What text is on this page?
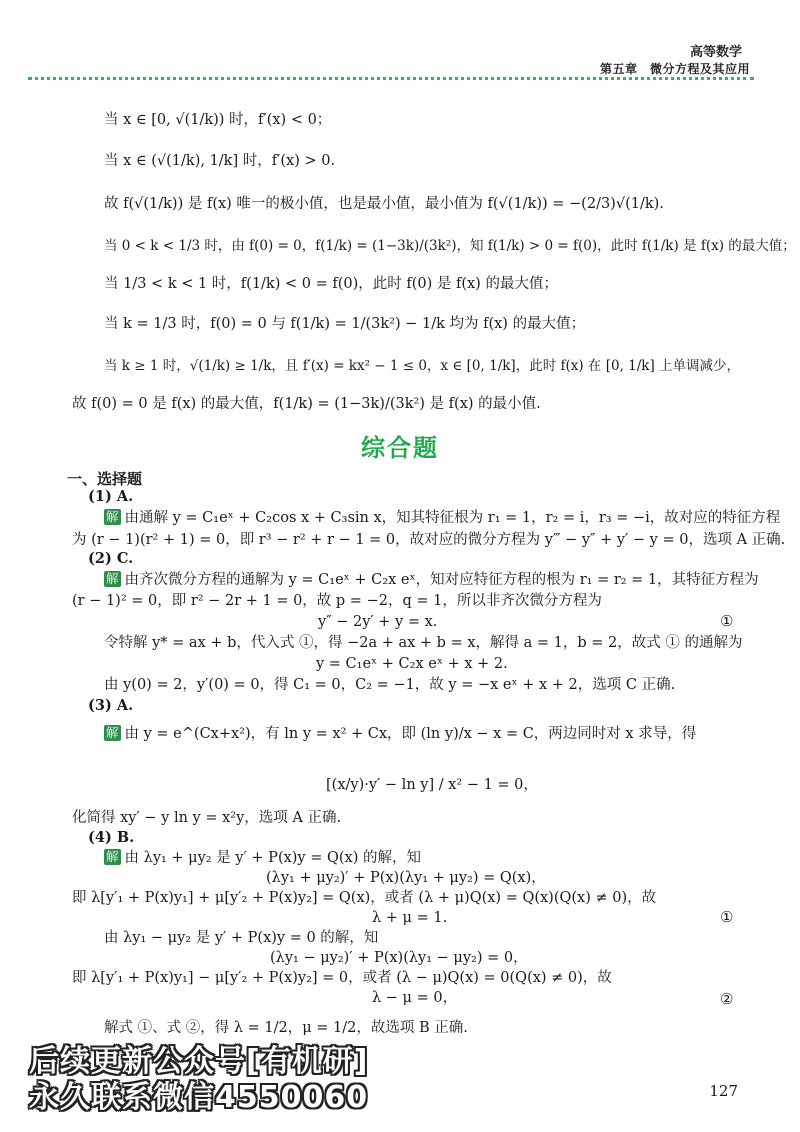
高等数学
第五章　微分方程及其应用
当 x ∈ [0, √(1/k)) 时，f′(x) < 0；
当 x ∈ (√(1/k), 1/k] 时，f′(x) > 0.
故 f(√(1/k)) 是 f(x) 唯一的极小值，也是最小值，最小值为 f(√(1/k)) = −(2/3)√(1/k).
当 0 < k < 1/3 时，由 f(0) = 0，f(1/k) = (1−3k)/(3k²)，知 f(1/k) > 0 = f(0)，此时 f(1/k) 是 f(x) 的最大值；
当 1/3 < k < 1 时，f(1/k) < 0 = f(0)，此时 f(0) 是 f(x) 的最大值；
当 k = 1/3 时，f(0) = 0 与 f(1/k) = 1/(3k²) − 1/k 均为 f(x) 的最大值；
当 k ≥ 1 时，√(1/k) ≥ 1/k，且 f′(x) = kx² − 1 ≤ 0，x ∈ [0, 1/k]，此时 f(x) 在 [0, 1/k] 上单调减少，
故 f(0) = 0 是 f(x) 的最大值，f(1/k) = (1−3k)/(3k²) 是 f(x) 的最小值.
综合题
一、选择题
(1) A.
解 由通解 y = C₁eˣ + C₂cos x + C₃sin x，知其特征根为 r₁ = 1，r₂ = i，r₃ = −i，故对应的特征方程
为 (r − 1)(r² + 1) = 0，即 r³ − r² + r − 1 = 0，故对应的微分方程为 y‴ − y″ + y′ − y = 0，选项 A 正确.
(2) C.
解 由齐次微分方程的通解为 y = C₁eˣ + C₂x eˣ，知对应特征方程的根为 r₁ = r₂ = 1，其特征方程为
(r − 1)² = 0，即 r² − 2r + 1 = 0，故 p = −2，q = 1，所以非齐次微分方程为
y″ − 2y′ + y = x.	①
令特解 y* = ax + b，代入式 ①，得 −2a + ax + b = x，解得 a = 1，b = 2，故式 ① 的通解为
y = C₁eˣ + C₂x eˣ + x + 2.
由 y(0) = 2，y′(0) = 0，得 C₁ = 0，C₂ = −1，故 y = −x eˣ + x + 2，选项 C 正确.
(3) A.
解 由 y = e^(Cx+x²)，有 ln y = x² + Cx，即 (ln y)/x − x = C，两边同时对 x 求导，得
[(x/y)·y′ − ln y] / x² − 1 = 0，
化简得 xy′ − y ln y = x²y，选项 A 正确.
(4) B.
解 由 λy₁ + μy₂ 是 y′ + P(x)y = Q(x) 的解，知
(λy₁ + μy₂)′ + P(x)(λy₁ + μy₂) = Q(x)，
即 λ[y′₁ + P(x)y₁] + μ[y′₂ + P(x)y₂] = Q(x)，或者 (λ + μ)Q(x) = Q(x)(Q(x) ≠ 0)，故
λ + μ = 1.	①
由 λy₁ − μy₂ 是 y′ + P(x)y = 0 的解，知
(λy₁ − μy₂)′ + P(x)(λy₁ − μy₂) = 0，
即 λ[y′₁ + P(x)y₁] − μ[y′₂ + P(x)y₂] = 0，或者 (λ − μ)Q(x) = 0(Q(x) ≠ 0)，故
λ − μ = 0，	②
解式 ①、式 ②，得 λ = 1/2，μ = 1/2，故选项 B 正确.
后续更新公众号[有机研]
永久联系微信4550060	127
